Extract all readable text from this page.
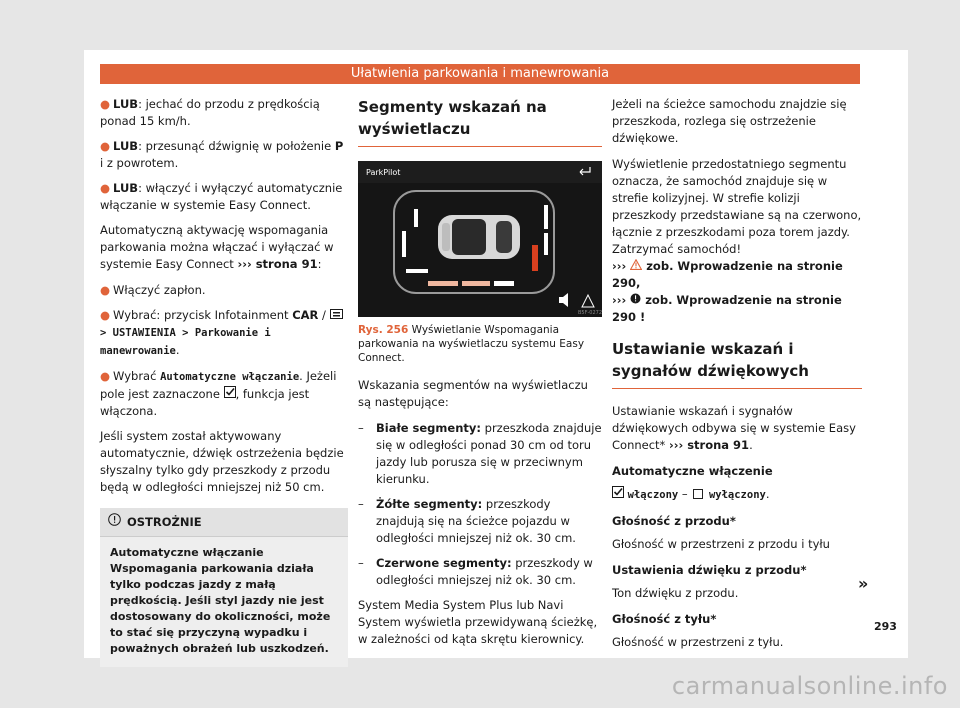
Ułatwienia parkowania i manewrowania
● LUB: jechać do przodu z prędkością ponad 15 km/h.
● LUB: przesunąć dźwignię w położenie P i z powrotem.
● LUB: włączyć i wyłączyć automatycznie włączanie w systemie Easy Connect.

Automatyczną aktywację wspomagania parkowania można włączać i wyłączać w systemie Easy Connect ››› strona 91:

● Włączyć zapłon.
● Wybrać: przycisk Infotainment CAR /  > USTAWIENIA > Parkowanie i manewrowanie.
● Wybrać Automatyczne włączanie. Jeżeli pole jest zaznaczone , funkcja jest włączona.

Jeśli system został aktywowany automatycznie, dźwięk ostrzeżenia będzie słyszalny tylko gdy przeszkody z przodu będą w odległości mniejszej niż 50 cm.

OSTROŻNIE
Automatyczne włączanie Wspomagania parkowania działa tylko podczas jazdy z małą prędkością. Jeśli styl jazdy nie jest dostosowany do okoliczności, może to stać się przyczyną wypadku i poważnych obrażeń lub uszkodzeń.
Segmenty wskazań na wyświetlaczu
ParkPilot
B5F-0272
Rys. 256 Wyświetlanie Wspomagania parkowania na wyświetlaczu systemu Easy Connect.

Wskazania segmentów na wyświetlaczu są następujące:

–	Białe segmenty: przeszkoda znajduje się w odległości ponad 30 cm od toru jazdy lub porusza się w przeciwnym kierunku.
–	Żółte segmenty: przeszkody znajdują się na ścieżce pojazdu w odległości mniejszej niż ok. 30 cm.
–	Czerwone segmenty: przeszkody w odległości mniejszej niż ok. 30 cm.

System Media System Plus lub Navi System wyświetla przewidywaną ścieżkę, w zależności od kąta skrętu kierownicy.

Jeżeli na ścieżce samochodu znajdzie się przeszkoda, rozlega się ostrzeżenie dźwiękowe.

Wyświetlenie przedostatniego segmentu oznacza, że samochód znajduje się w strefie kolizyjnej. W strefie kolizji przeszkody przedstawiane są na czerwono, łącznie z przeszkodami poza torem jazdy. Zatrzymać samochód!

›››  zob. Wprowadzenie na stronie 290,
›››  zob. Wprowadzenie na stronie 290 !
Ustawianie wskazań i sygnałów dźwiękowych

Ustawianie wskazań i sygnałów dźwiękowych odbywa się w systemie Easy Connect* ››› strona 91.

Automatyczne włączenie

włączony –  wyłączony.

Głośność z przodu*

Głośność w przestrzeni z przodu i tyłu

Ustawienia dźwięku z przodu*

Ton dźwięku z przodu.

Głośność z tyłu*

Głośność w przestrzeni z tyłu.

»
293
carmanualsonline.info
